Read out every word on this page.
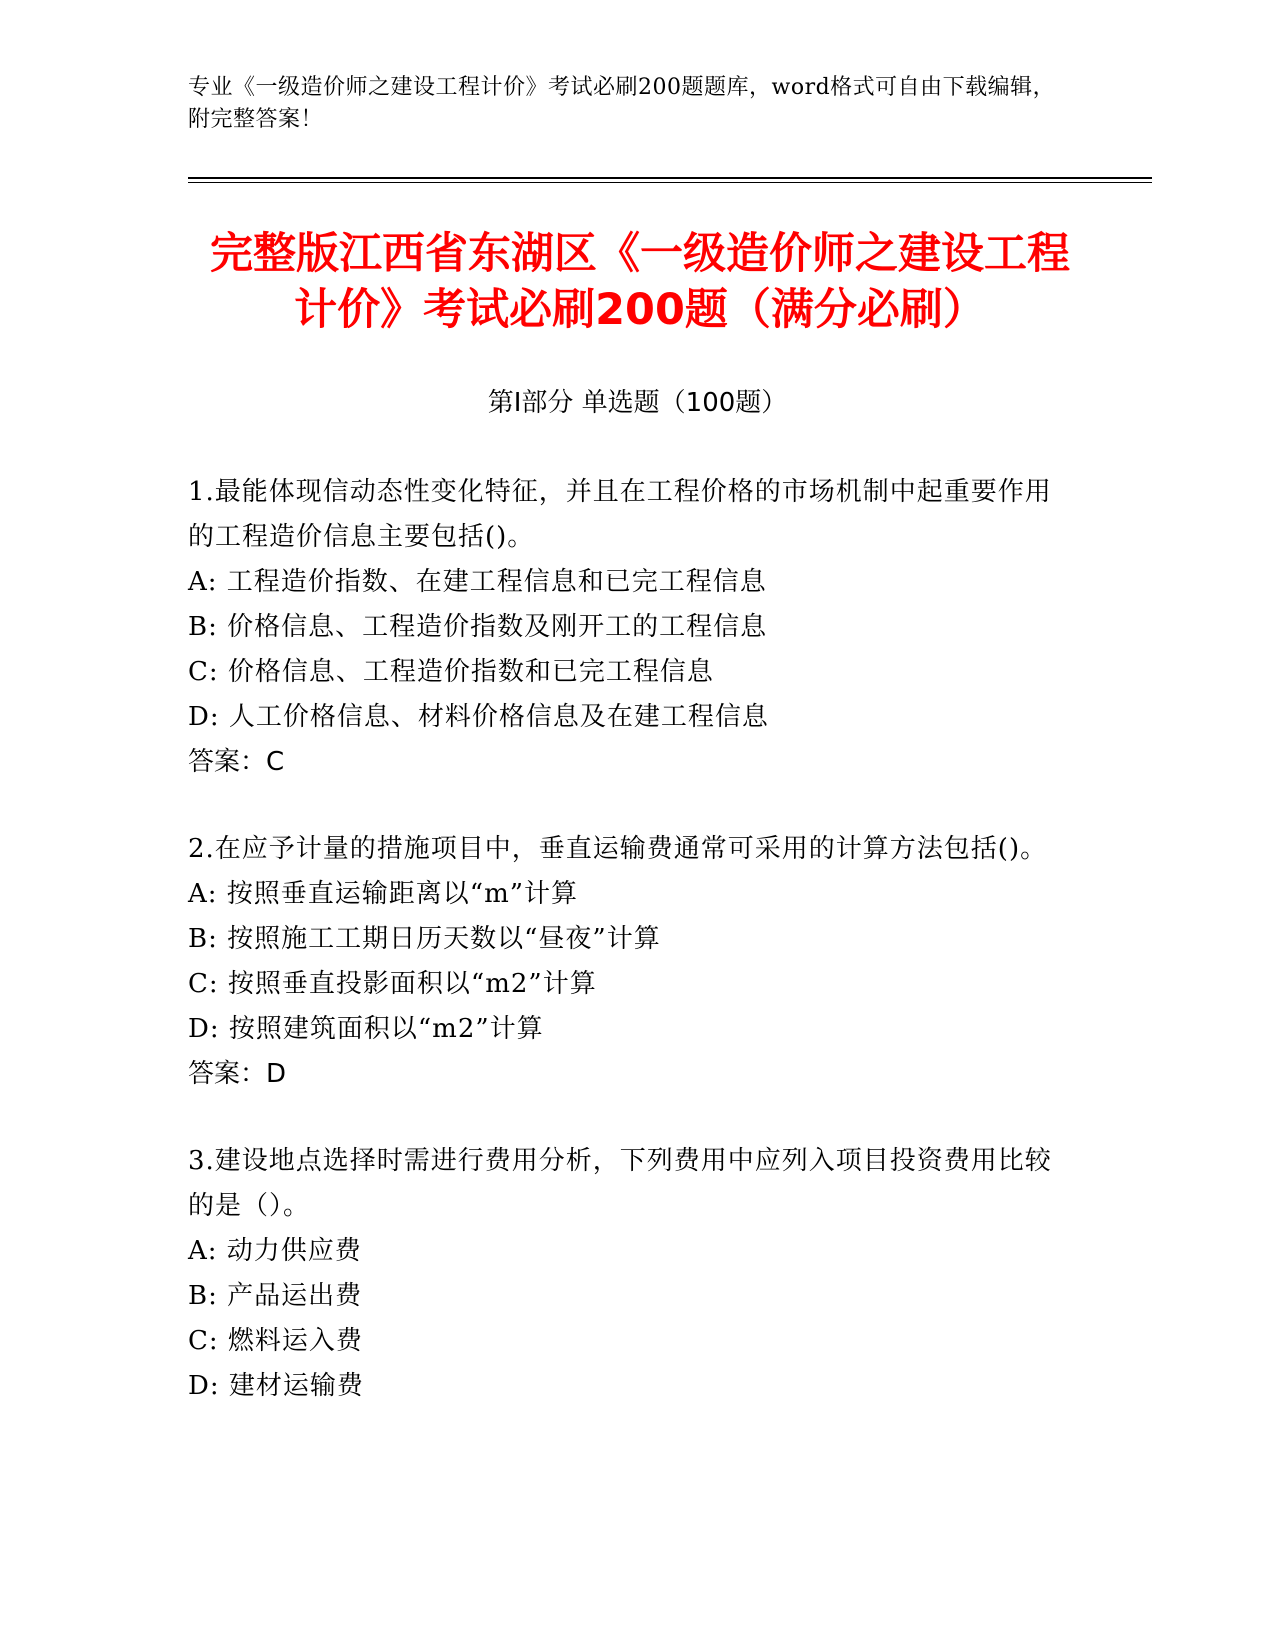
专业《一级造价师之建设工程计价》考试必刷200题题库，word格式可自由下载编辑，附完整答案！
完整版江西省东湖区《一级造价师之建设工程计价》考试必刷200题（满分必刷）
第I部分 单选题（100题）
1.最能体现信动态性变化特征，并且在工程价格的市场机制中起重要作用的工程造价信息主要包括()。
A: 工程造价指数、在建工程信息和已完工程信息
B: 价格信息、工程造价指数及刚开工的工程信息
C: 价格信息、工程造价指数和已完工程信息
D: 人工价格信息、材料价格信息及在建工程信息
答案：C
2.在应予计量的措施项目中，垂直运输费通常可采用的计算方法包括()。
A: 按照垂直运输距离以“m”计算
B: 按照施工工期日历天数以“昼夜”计算
C: 按照垂直投影面积以“m2”计算
D: 按照建筑面积以“m2”计算
答案：D
3.建设地点选择时需进行费用分析，下列费用中应列入项目投资费用比较的是（）。
A: 动力供应费
B: 产品运出费
C: 燃料运入费
D: 建材运输费
